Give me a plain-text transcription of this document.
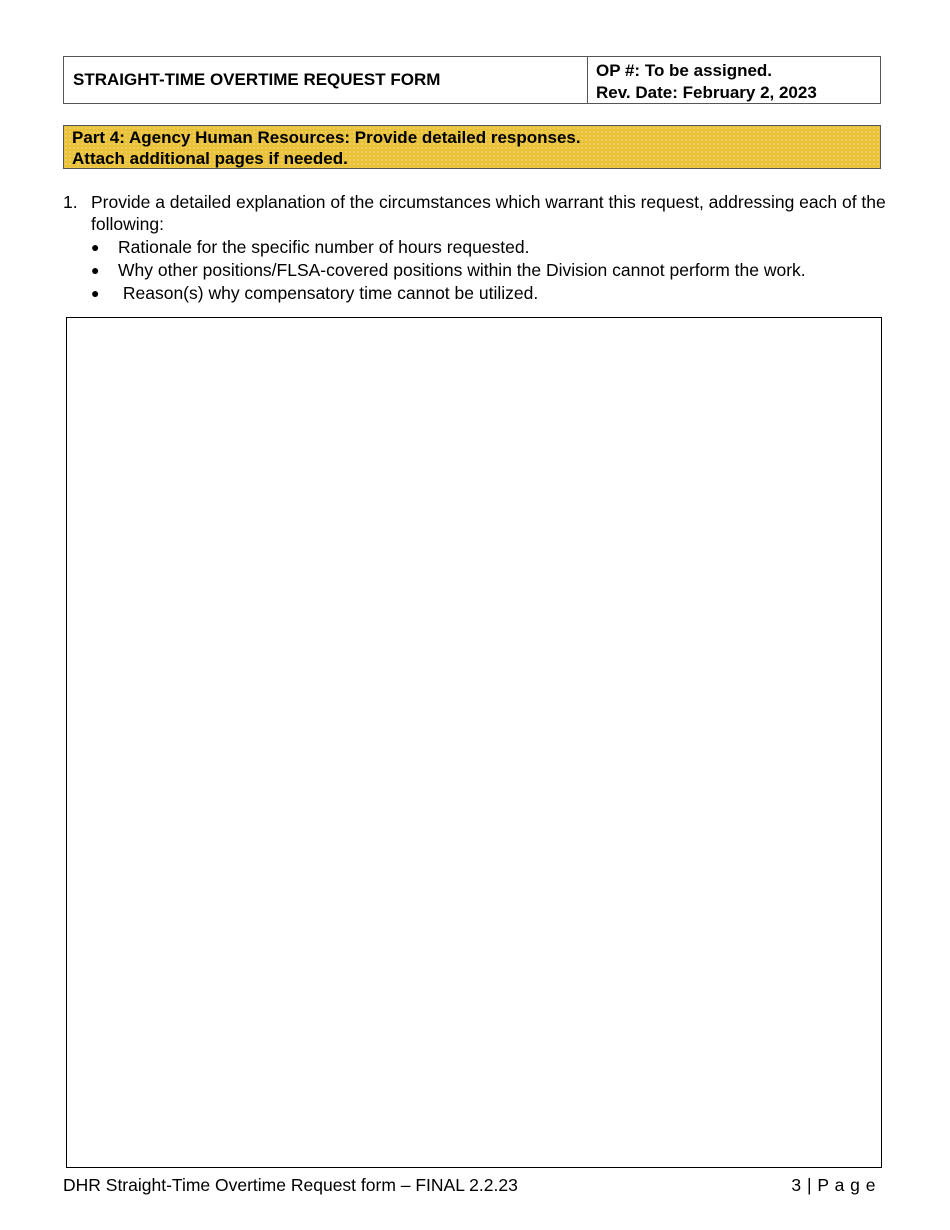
STRAIGHT-TIME OVERTIME REQUEST FORM	OP #: To be assigned.
Rev. Date: February 2, 2023
Part 4: Agency Human Resources: Provide detailed responses.
Attach additional pages if needed.
1. Provide a detailed explanation of the circumstances which warrant this request, addressing each of the following:
●	Rationale for the specific number of hours requested.
●	Why other positions/FLSA-covered positions within the Division cannot perform the work.
●	Reason(s) why compensatory time cannot be utilized.
DHR Straight-Time Overtime Request form – FINAL 2.2.23	3 | P a g e
